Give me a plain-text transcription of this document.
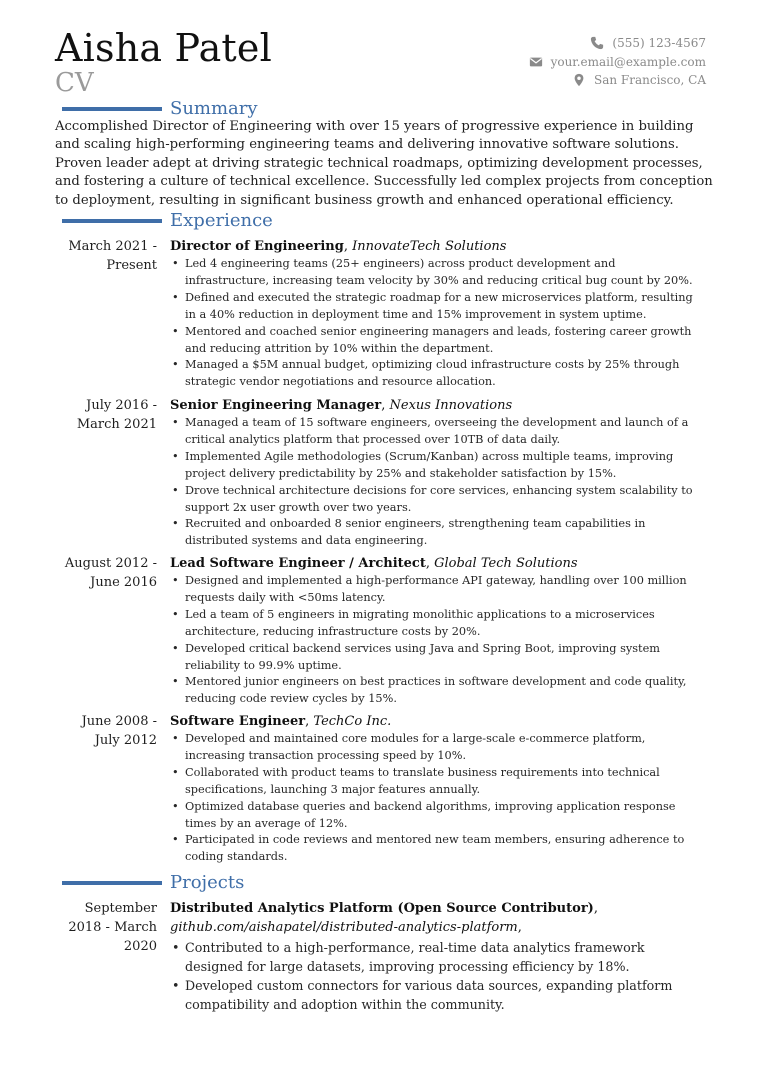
Aisha Patel
CV
(555) 123-4567
your.email@example.com
San Francisco, CA
Summary
Accomplished Director of Engineering with over 15 years of progressive experience in building and scaling high-performing engineering teams and delivering innovative software solutions. Proven leader adept at driving strategic technical roadmaps, optimizing development processes, and fostering a culture of technical excellence. Successfully led complex projects from conception to deployment, resulting in significant business growth and enhanced operational efficiency.
Experience
March 2021 -
Present
Director of Engineering, InnovateTech Solutions
• Led 4 engineering teams (25+ engineers) across product development and infrastructure, increasing team velocity by 30% and reducing critical bug count by 20%.
• Defined and executed the strategic roadmap for a new microservices platform, resulting in a 40% reduction in deployment time and 15% improvement in system uptime.
• Mentored and coached senior engineering managers and leads, fostering career growth and reducing attrition by 10% within the department.
• Managed a $5M annual budget, optimizing cloud infrastructure costs by 25% through strategic vendor negotiations and resource allocation.
July 2016 -
March 2021
Senior Engineering Manager, Nexus Innovations
• Managed a team of 15 software engineers, overseeing the development and launch of a critical analytics platform that processed over 10TB of data daily.
• Implemented Agile methodologies (Scrum/Kanban) across multiple teams, improving project delivery predictability by 25% and stakeholder satisfaction by 15%.
• Drove technical architecture decisions for core services, enhancing system scalability to support 2x user growth over two years.
• Recruited and onboarded 8 senior engineers, strengthening team capabilities in distributed systems and data engineering.
August 2012 -
June 2016
Lead Software Engineer / Architect, Global Tech Solutions
• Designed and implemented a high-performance API gateway, handling over 100 million requests daily with <50ms latency.
• Led a team of 5 engineers in migrating monolithic applications to a microservices architecture, reducing infrastructure costs by 20%.
• Developed critical backend services using Java and Spring Boot, improving system reliability to 99.9% uptime.
• Mentored junior engineers on best practices in software development and code quality, reducing code review cycles by 15%.
June 2008 -
July 2012
Software Engineer, TechCo Inc.
• Developed and maintained core modules for a large-scale e-commerce platform, increasing transaction processing speed by 10%.
• Collaborated with product teams to translate business requirements into technical specifications, launching 3 major features annually.
• Optimized database queries and backend algorithms, improving application response times by an average of 12%.
• Participated in code reviews and mentored new team members, ensuring adherence to coding standards.
Projects
September
2018 - March
2020
Distributed Analytics Platform (Open Source Contributor), github.com/aishapatel/distributed-analytics-platform,
• Contributed to a high-performance, real-time data analytics framework designed for large datasets, improving processing efficiency by 18%.
• Developed custom connectors for various data sources, expanding platform compatibility and adoption within the community.
